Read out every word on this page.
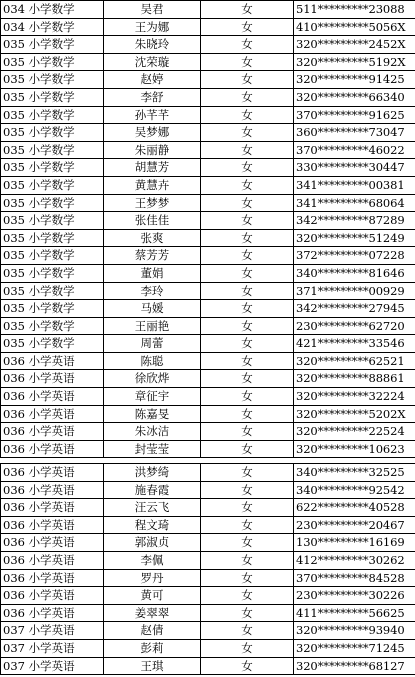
034 小学数学	吴君	女	511*********23088
034 小学数学	王为娜	女	410*********5056X
035 小学数学	朱晓玲	女	320*********2452X
035 小学数学	沈荣璇	女	320*********5192X
035 小学数学	赵婷	女	320*********91425
035 小学数学	李舒	女	320*********66340
035 小学数学	孙芊芊	女	370*********91625
035 小学数学	吴梦娜	女	360*********73047
035 小学数学	朱丽静	女	370*********46022
035 小学数学	胡慧芳	女	330*********30447
035 小学数学	黄慧卉	女	341*********00381
035 小学数学	王梦梦	女	341*********68064
035 小学数学	张佳佳	女	342*********87289
035 小学数学	张爽	女	320*********51249
035 小学数学	蔡芳芳	女	372*********07228
035 小学数学	董娟	女	340*********81646
035 小学数学	李玲	女	371*********00929
035 小学数学	马媛	女	342*********27945
035 小学数学	王丽艳	女	230*********62720
035 小学数学	周蕾	女	421*********33546
036 小学英语	陈聪	女	320*********62521
036 小学英语	徐欣烨	女	320*********88861
036 小学英语	章征宇	女	320*********32224
036 小学英语	陈嘉旻	女	320*********5202X
036 小学英语	朱冰洁	女	320*********22524
036 小学英语	封莹莹	女	320*********10623
036 小学英语	洪梦绮	女	340*********32525
036 小学英语	施春霞	女	340*********92542
036 小学英语	汪云飞	女	622*********40528
036 小学英语	程文琦	女	230*********20467
036 小学英语	郭淑贞	女	130*********16169
036 小学英语	李佩	女	412*********30262
036 小学英语	罗丹	女	370*********84528
036 小学英语	黄可	女	230*********30226
036 小学英语	姜翠翠	女	411*********56625
037 小学英语	赵倩	女	320*********93940
037 小学英语	彭莉	女	320*********71245
037 小学英语	王琪	女	320*********68127
